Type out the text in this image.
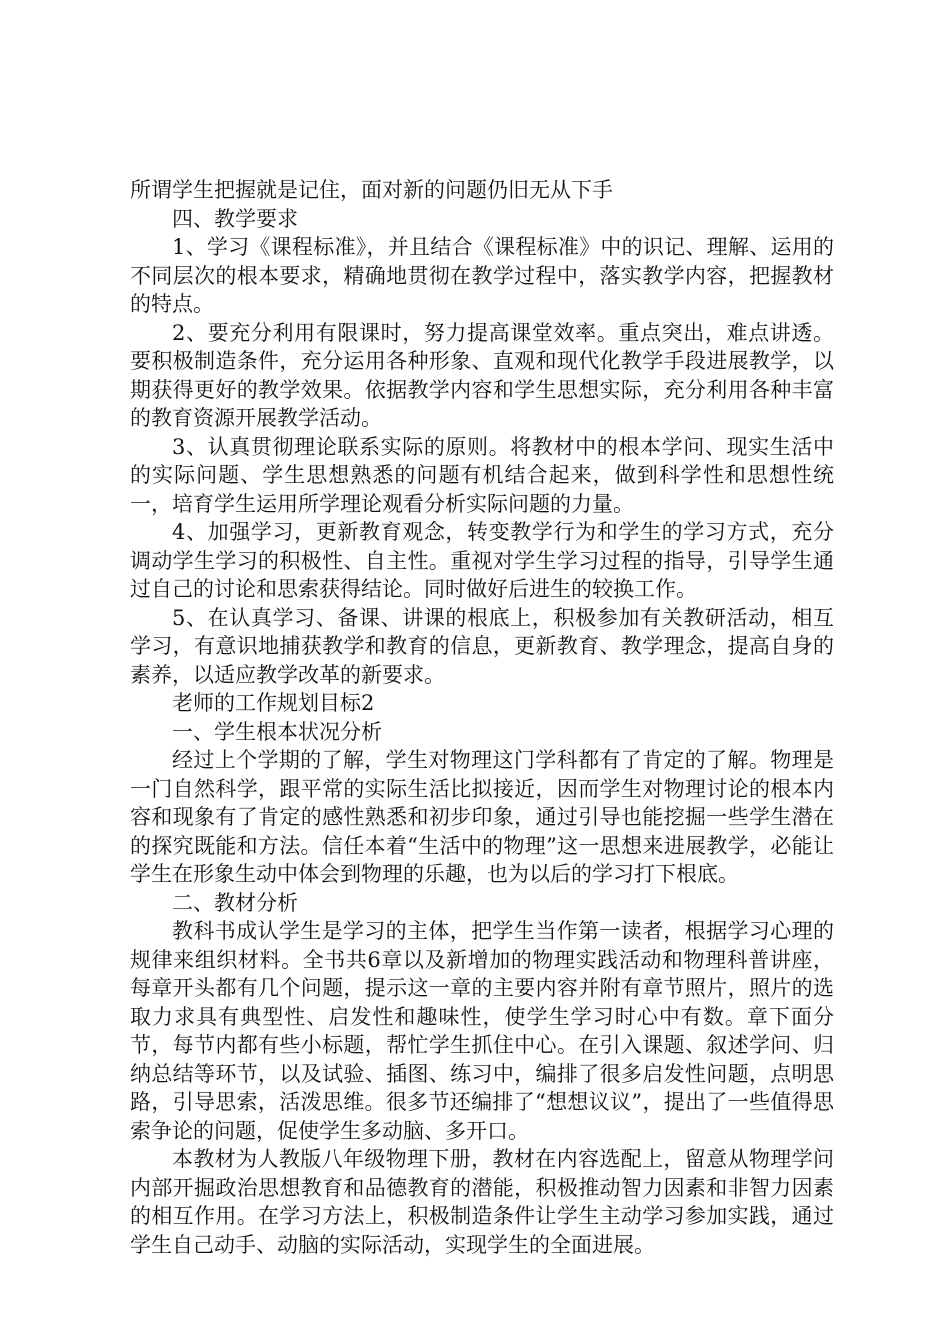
所谓学生把握就是记住，面对新的问题仍旧无从下手

四、教学要求

1、学习《课程标准》，并且结合《课程标准》中的识记、理解、运用的不同层次的根本要求，精确地贯彻在教学过程中，落实教学内容，把握教材的特点。

2、要充分利用有限课时，努力提高课堂效率。重点突出，难点讲透。要积极制造条件，充分运用各种形象、直观和现代化教学手段进展教学，以期获得更好的教学效果。依据教学内容和学生思想实际，充分利用各种丰富的教育资源开展教学活动。

3、认真贯彻理论联系实际的原则。将教材中的根本学问、现实生活中的实际问题、学生思想熟悉的问题有机结合起来，做到科学性和思想性统一，培育学生运用所学理论观看分析实际问题的力量。

4、加强学习，更新教育观念，转变教学行为和学生的学习方式，充分调动学生学习的积极性、自主性。重视对学生学习过程的指导，引导学生通过自己的讨论和思索获得结论。同时做好后进生的较换工作。

5、在认真学习、备课、讲课的根底上，积极参加有关教研活动，相互学习，有意识地捕获教学和教育的信息，更新教育、教学理念，提高自身的素养，以适应教学改革的新要求。

老师的工作规划目标2

一、学生根本状况分析

经过上个学期的了解，学生对物理这门学科都有了肯定的了解。物理是一门自然科学，跟平常的实际生活比拟接近，因而学生对物理讨论的根本内容和现象有了肯定的感性熟悉和初步印象，通过引导也能挖掘一些学生潜在的探究既能和方法。信任本着“生活中的物理”这一思想来进展教学，必能让学生在形象生动中体会到物理的乐趣，也为以后的学习打下根底。

二、教材分析

教科书成认学生是学习的主体，把学生当作第一读者，根据学习心理的规律来组织材料。全书共6章以及新增加的物理实践活动和物理科普讲座，每章开头都有几个问题，提示这一章的主要内容并附有章节照片，照片的选取力求具有典型性、启发性和趣味性，使学生学习时心中有数。章下面分节，每节内都有些小标题，帮忙学生抓住中心。在引入课题、叙述学问、归纳总结等环节，以及试验、插图、练习中，编排了很多启发性问题，点明思路，引导思索，活泼思维。很多节还编排了“想想议议”，提出了一些值得思索争论的问题，促使学生多动脑、多开口。

本教材为人教版八年级物理下册，教材在内容选配上，留意从物理学问内部开掘政治思想教育和品德教育的潜能，积极推动智力因素和非智力因素的相互作用。在学习方法上，积极制造条件让学生主动学习参加实践，通过学生自己动手、动脑的实际活动，实现学生的全面进展。
